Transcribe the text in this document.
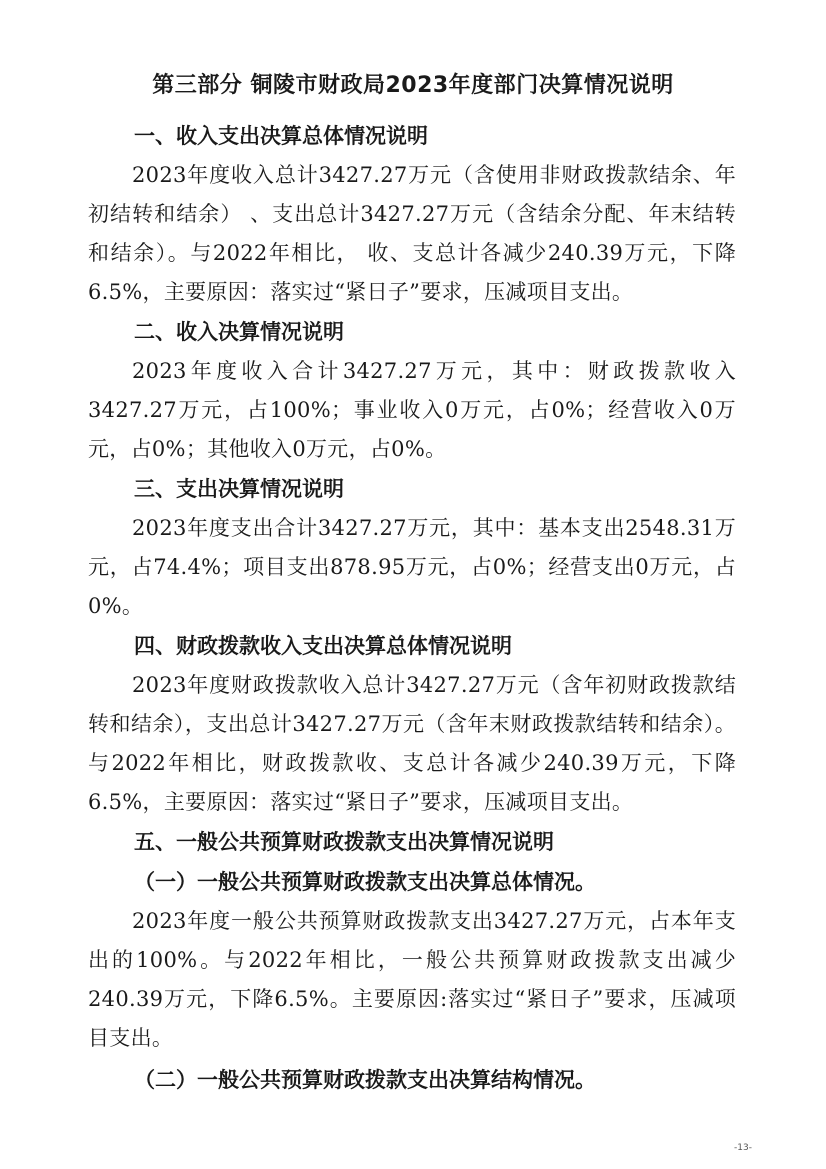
第三部分 铜陵市财政局2023年度部门决算情况说明
一、收入支出决算总体情况说明

2023年度收入总计3427.27万元（含使用非财政拨款结余、年初结转和结余） 、支出总计3427.27万元（含结余分配、年末结转和结余）。与2022年相比， 收、支总计各减少240.39万元，下降6.5%，主要原因：落实过“紧日子”要求，压减项目支出。

二、收入决算情况说明

2023年度收入合计3427.27万元，其中：财政拨款收入3427.27万元，占100%；事业收入0万元，占0%；经营收入0万元，占0%；其他收入0万元，占0%。

三、支出决算情况说明

2023年度支出合计3427.27万元，其中：基本支出2548.31万元，占74.4%；项目支出878.95万元，占0%；经营支出0万元，占0%。

四、财政拨款收入支出决算总体情况说明

2023年度财政拨款收入总计3427.27万元（含年初财政拨款结转和结余），支出总计3427.27万元（含年末财政拨款结转和结余）。与2022年相比，财政拨款收、支总计各减少240.39万元，下降6.5%，主要原因：落实过“紧日子”要求，压减项目支出。

五、一般公共预算财政拨款支出决算情况说明
（一）一般公共预算财政拨款支出决算总体情况。

2023年度一般公共预算财政拨款支出3427.27万元，占本年支出的100%。与2022年相比，一般公共预算财政拨款支出减少240.39万元，下降6.5%。主要原因:落实过“紧日子”要求，压减项目支出。

（二）一般公共预算财政拨款支出决算结构情况。
-13-
